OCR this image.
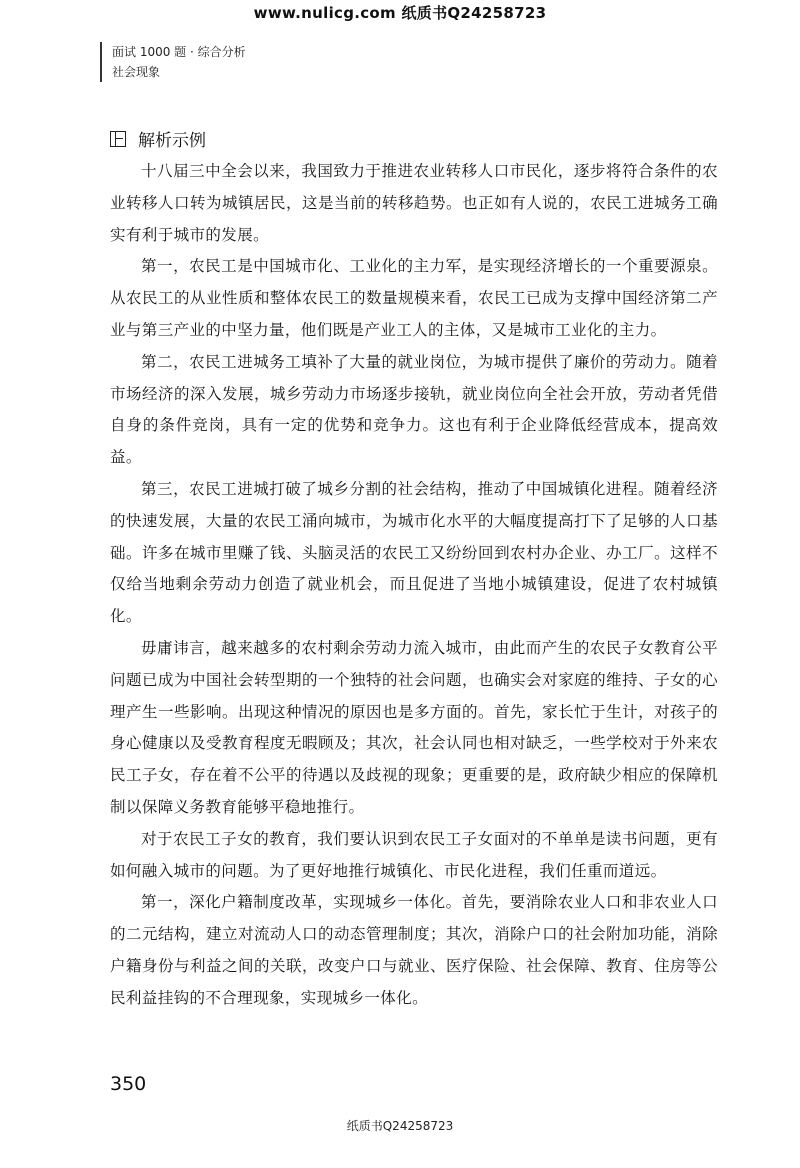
www.nulicg.com 纸质书Q24258723
面试 1000 题 · 综合分析
社会现象
解析示例

十八届三中全会以来，我国致力于推进农业转移人口市民化，逐步将符合条件的农业转移人口转为城镇居民，这是当前的转移趋势。也正如有人说的，农民工进城务工确实有利于城市的发展。

第一，农民工是中国城市化、工业化的主力军，是实现经济增长的一个重要源泉。从农民工的从业性质和整体农民工的数量规模来看，农民工已成为支撑中国经济第二产业与第三产业的中坚力量，他们既是产业工人的主体，又是城市工业化的主力。

第二，农民工进城务工填补了大量的就业岗位，为城市提供了廉价的劳动力。随着市场经济的深入发展，城乡劳动力市场逐步接轨，就业岗位向全社会开放，劳动者凭借自身的条件竞岗，具有一定的优势和竞争力。这也有利于企业降低经营成本，提高效益。

第三，农民工进城打破了城乡分割的社会结构，推动了中国城镇化进程。随着经济的快速发展，大量的农民工涌向城市，为城市化水平的大幅度提高打下了足够的人口基础。许多在城市里赚了钱、头脑灵活的农民工又纷纷回到农村办企业、办工厂。这样不仅给当地剩余劳动力创造了就业机会，而且促进了当地小城镇建设，促进了农村城镇化。

毋庸讳言，越来越多的农村剩余劳动力流入城市，由此而产生的农民子女教育公平问题已成为中国社会转型期的一个独特的社会问题，也确实会对家庭的维持、子女的心理产生一些影响。出现这种情况的原因也是多方面的。首先，家长忙于生计，对孩子的身心健康以及受教育程度无暇顾及；其次，社会认同也相对缺乏，一些学校对于外来农民工子女，存在着不公平的待遇以及歧视的现象；更重要的是，政府缺少相应的保障机制以保障义务教育能够平稳地推行。

对于农民工子女的教育，我们要认识到农民工子女面对的不单单是读书问题，更有如何融入城市的问题。为了更好地推行城镇化、市民化进程，我们任重而道远。

第一，深化户籍制度改革，实现城乡一体化。首先，要消除农业人口和非农业人口的二元结构，建立对流动人口的动态管理制度；其次，消除户口的社会附加功能，消除户籍身份与利益之间的关联，改变户口与就业、医疗保险、社会保障、教育、住房等公民利益挂钩的不合理现象，实现城乡一体化。

350
纸质书Q24258723
